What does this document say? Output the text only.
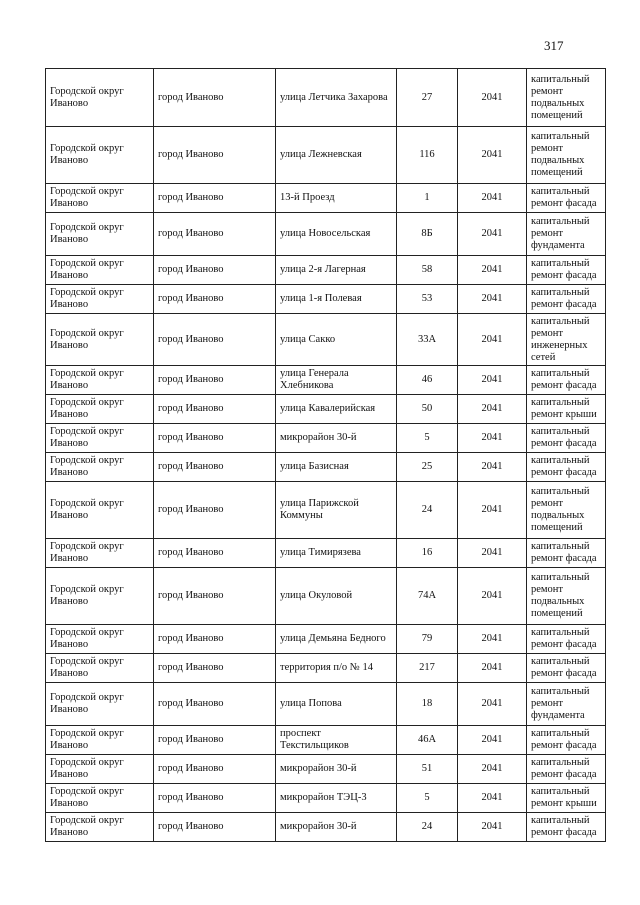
317
Городской округ Иваново	город Иваново	улица Летчика Захарова	27	2041	капитальный ремонт подвальных помещений
Городской округ Иваново	город Иваново	улица Лежневская	116	2041	капитальный ремонт подвальных помещений
Городской округ Иваново	город Иваново	13-й Проезд	1	2041	капитальный ремонт фасада
Городской округ Иваново	город Иваново	улица Новосельская	8Б	2041	капитальный ремонт фундамента
Городской округ Иваново	город Иваново	улица 2-я Лагерная	58	2041	капитальный ремонт фасада
Городской округ Иваново	город Иваново	улица 1-я Полевая	53	2041	капитальный ремонт фасада
Городской округ Иваново	город Иваново	улица Сакко	33А	2041	капитальный ремонт инженерных сетей
Городской округ Иваново	город Иваново	улица Генерала Хлебникова	46	2041	капитальный ремонт фасада
Городской округ Иваново	город Иваново	улица Кавалерийская	50	2041	капитальный ремонт крыши
Городской округ Иваново	город Иваново	микрорайон 30-й	5	2041	капитальный ремонт фасада
Городской округ Иваново	город Иваново	улица Базисная	25	2041	капитальный ремонт фасада
Городской округ Иваново	город Иваново	улица Парижской Коммуны	24	2041	капитальный ремонт подвальных помещений
Городской округ Иваново	город Иваново	улица Тимирязева	16	2041	капитальный ремонт фасада
Городской округ Иваново	город Иваново	улица Окуловой	74А	2041	капитальный ремонт подвальных помещений
Городской округ Иваново	город Иваново	улица Демьяна Бедного	79	2041	капитальный ремонт фасада
Городской округ Иваново	город Иваново	территория п/о № 14	217	2041	капитальный ремонт фасада
Городской округ Иваново	город Иваново	улица Попова	18	2041	капитальный ремонт фундамента
Городской округ Иваново	город Иваново	проспект Текстильщиков	46А	2041	капитальный ремонт фасада
Городской округ Иваново	город Иваново	микрорайон 30-й	51	2041	капитальный ремонт фасада
Городской округ Иваново	город Иваново	микрорайон ТЭЦ-3	5	2041	капитальный ремонт крыши
Городской округ Иваново	город Иваново	микрорайон 30-й	24	2041	капитальный ремонт фасада
